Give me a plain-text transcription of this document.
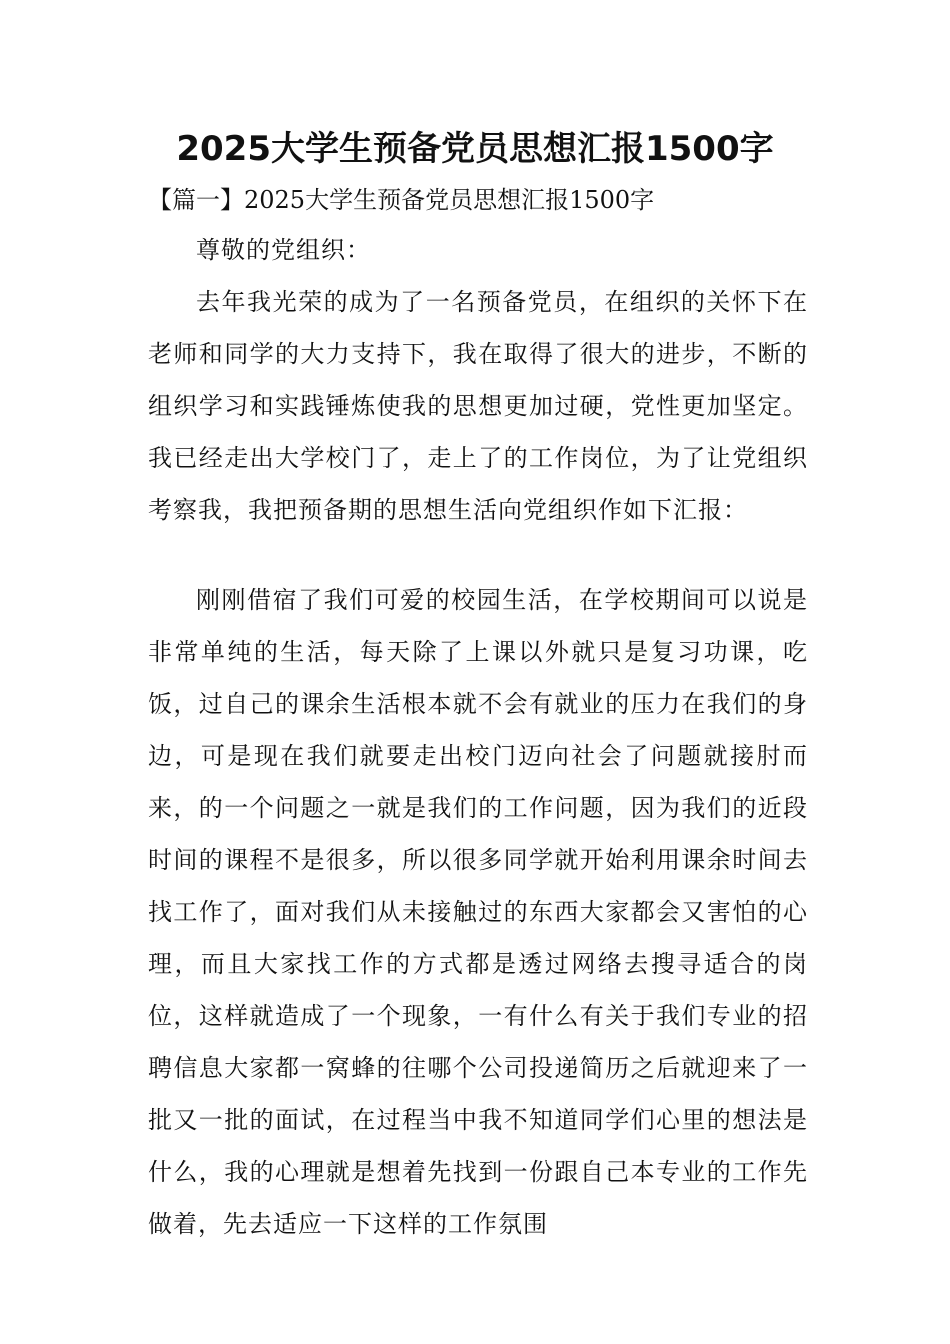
2025大学生预备党员思想汇报1500字
【篇一】2025大学生预备党员思想汇报1500字

尊敬的党组织：

去年我光荣的成为了一名预备党员，在组织的关怀下在老师和同学的大力支持下，我在取得了很大的进步，不断的组织学习和实践锤炼使我的思想更加过硬，党性更加坚定。我已经走出大学校门了，走上了的工作岗位，为了让党组织考察我，我把预备期的思想生活向党组织作如下汇报：

刚刚借宿了我们可爱的校园生活，在学校期间可以说是非常单纯的生活，每天除了上课以外就只是复习功课，吃饭，过自己的课余生活根本就不会有就业的压力在我们的身边，可是现在我们就要走出校门迈向社会了问题就接肘而来，的一个问题之一就是我们的工作问题，因为我们的近段时间的课程不是很多，所以很多同学就开始利用课余时间去找工作了，面对我们从未接触过的东西大家都会又害怕的心理，而且大家找工作的方式都是透过网络去搜寻适合的岗位，这样就造成了一个现象，一有什么有关于我们专业的招聘信息大家都一窝蜂的往哪个公司投递简历之后就迎来了一批又一批的面试，在过程当中我不知道同学们心里的想法是什么，我的心理就是想着先找到一份跟自己本专业的工作先做着，先去适应一下这样的工作氛围
